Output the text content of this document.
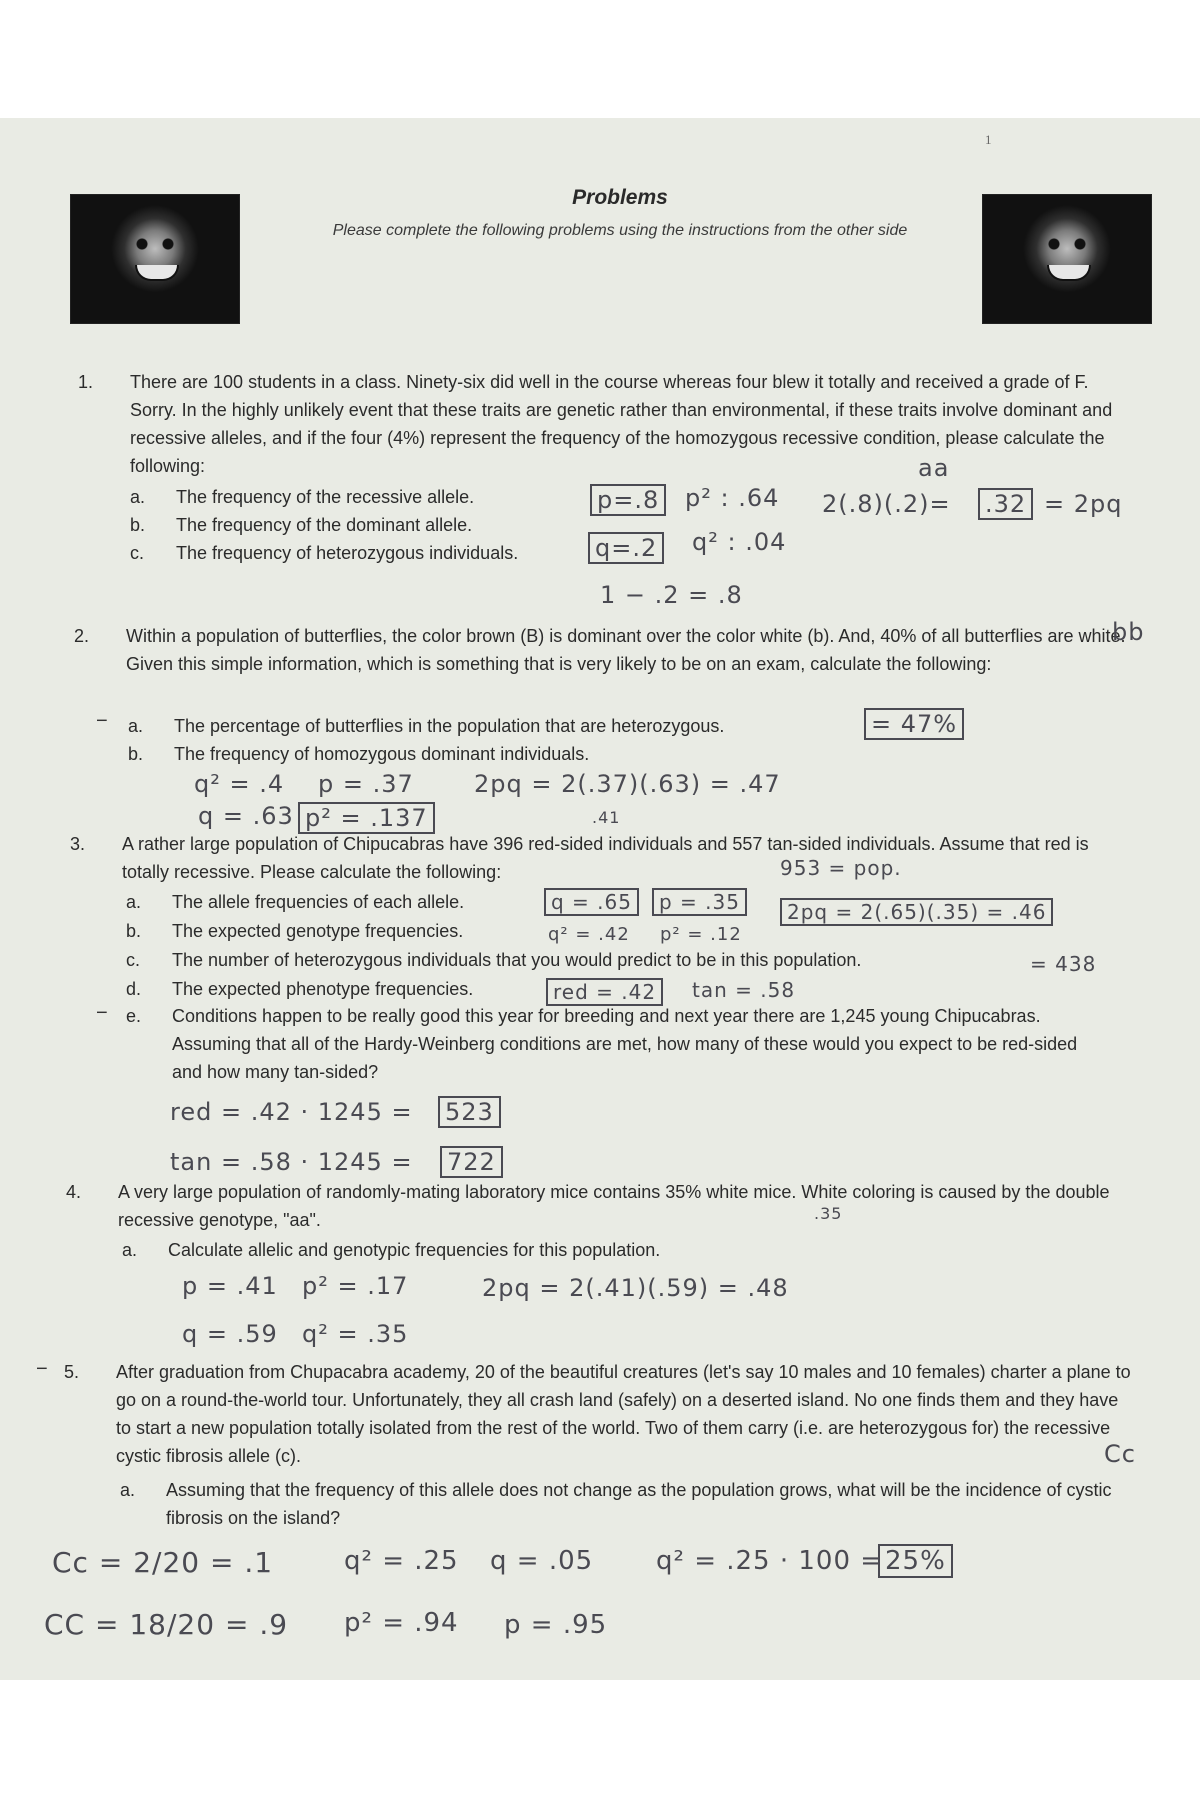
1
Problems
Please complete the following problems using the instructions from the other side
1. There are 100 students in a class. Ninety-six did well in the course whereas four blew it totally and received a grade of F. Sorry. In the highly unlikely event that these traits are genetic rather than environmental, if these traits involve dominant and recessive alleles, and if the four (4%) represent the frequency of the homozygous recessive condition, please calculate the following:
a. The frequency of the recessive allele.
b. The frequency of the dominant allele.
c. The frequency of heterozygous individuals.
aa
p=.8 p² : .64 2(.8)(.2)= .32 = 2pq
q=.2 q² : .04
1 − .2 = .8
2. Within a population of butterflies, the color brown (B) is dominant over the color white (b). And, 40% of all butterflies are white. Given this simple information, which is something that is very likely to be on an exam, calculate the following:
− a. The percentage of butterflies in the population that are heterozygous.
b. The frequency of homozygous dominant individuals.
bb
= 47%
q² = .4 p = .37	2pq = 2(.37)(.63) = .47
q = .63 p² = .137
3. A rather large population of Chipucabras have 396 red-sided individuals and 557 tan-sided individuals. Assume that red is totally recessive. Please calculate the following:
a. The allele frequencies of each allele.
b. The expected genotype frequencies.
c. The number of heterozygous individuals that you would predict to be in this population.
d. The expected phenotype frequencies.
− e. Conditions happen to be really good this year for breeding and next year there are 1,245 young Chipucabras. Assuming that all of the Hardy-Weinberg conditions are met, how many of these would you expect to be red-sided and how many tan-sided?
.41
953 = pop.
q = .65	p = .35	2pq = 2(.65)(.35) = .46
q² = .42 p² = .12
= 438
red = .42	tan = .58
red = .42 · 1245 = 523
tan = .58 · 1245 = 722
4. A very large population of randomly-mating laboratory mice contains 35% white mice. White coloring is caused by the double recessive genotype, "aa".
a. Calculate allelic and genotypic frequencies for this population.
.35
p = .41 p² = .17	2pq = 2(.41)(.59) = .48
q = .59 q² = .35
− 5. After graduation from Chupacabra academy, 20 of the beautiful creatures (let's say 10 males and 10 females) charter a plane to go on a round-the-world tour. Unfortunately, they all crash land (safely) on a deserted island. No one finds them and they have to start a new population totally isolated from the rest of the world. Two of them carry (i.e. are heterozygous for) the recessive cystic fibrosis allele (c).
a. Assuming that the frequency of this allele does not change as the population grows, what will be the incidence of cystic fibrosis on the island?
Cc
Cc = 2/20 = .1	q² = .25 q = .05 q² = .25 · 100 = 25%
CC = 18/20 = .9 p² = .94 p = .95
